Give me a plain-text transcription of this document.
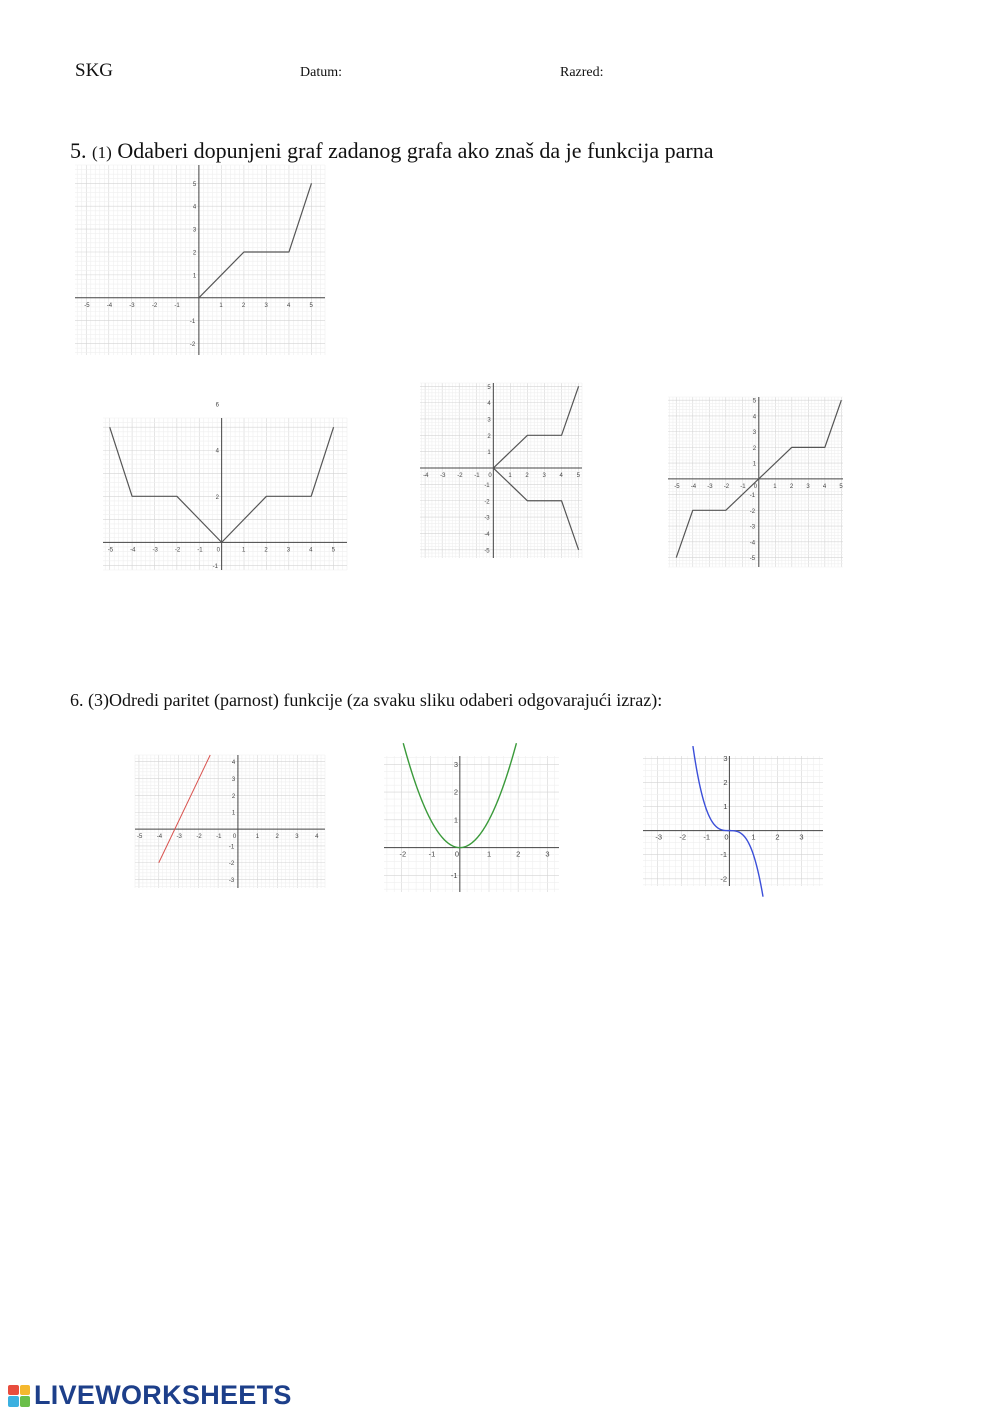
SKG	Datum:	Razred:
5. (1) Odaberi dopunjeni graf zadanog grafa ako znaš da je funkcija parna
-5	-4	-3	-2	-1	1	2	3	4	5
5
4
3
2
1
-1
-2
-5	-4	-3	-2	-1 0	1	2	3	4	5
6
4
2
-1
-4 -3 -2 -1 0	1 2 3 4 5
5
4
3
2
1
-1
-2
-3
-4
-5
-5 -4 -3 -2 -1 0	1 2 3 4 5
5
4
3
2
1
-1
-2
-3
-4
-5
6. (3)Odredi paritet (parnost) funkcije (za svaku sliku odaberi odgovarajući izraz):
-5 -4 -3 -2 -1 0	1	2	3	4
4
3
2
1
-1
-2
-3
-2	-1	0	1	2	3
3
2
1
-1
-3 -2 -1 0	1	2	3
3
2
1
-1
-2
LIVEWORKSHEETS
